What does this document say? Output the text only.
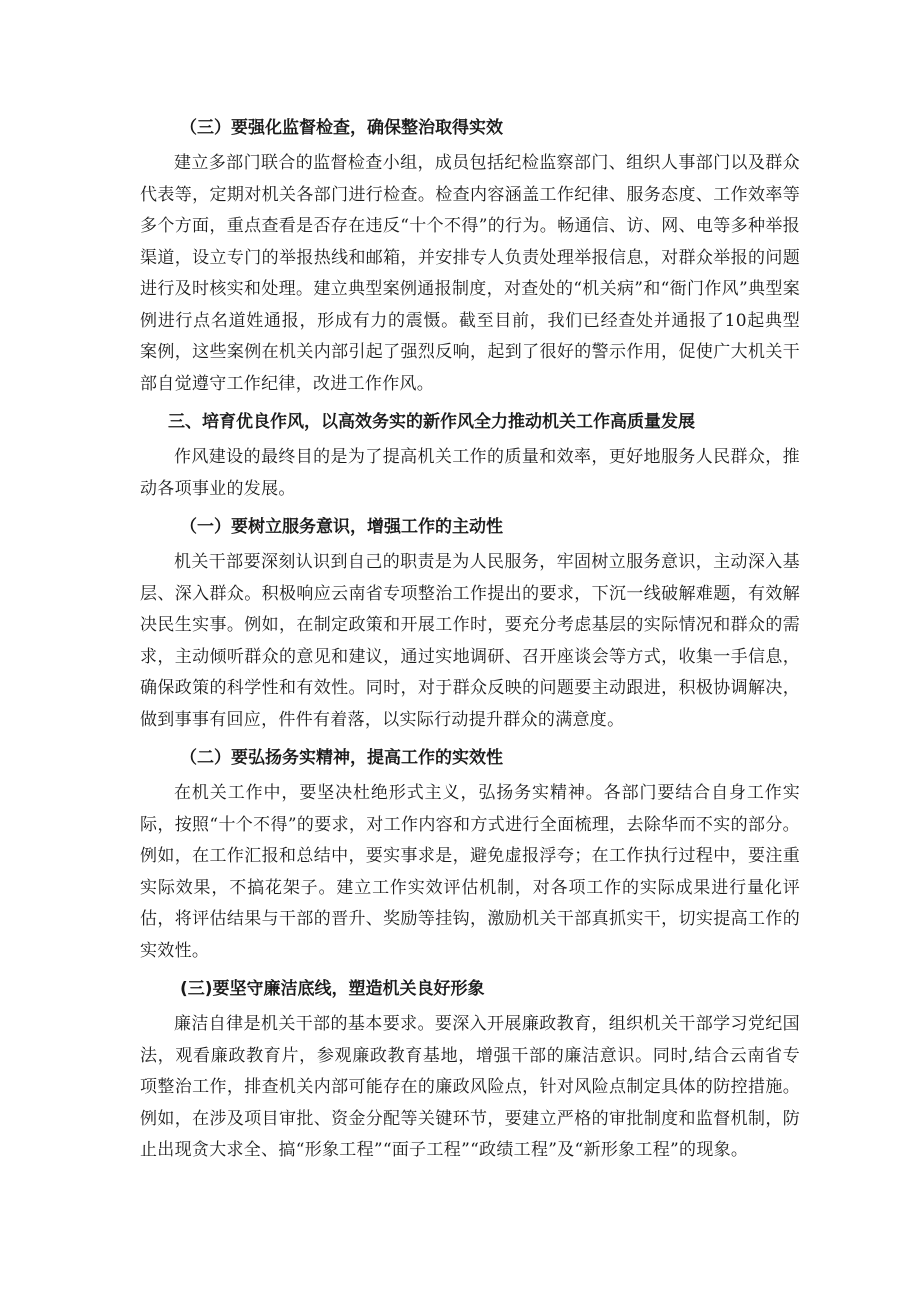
（三）要强化监督检查，确保整治取得实效

建立多部门联合的监督检查小组，成员包括纪检监察部门、组织人事部门以及群众代表等，定期对机关各部门进行检查。检查内容涵盖工作纪律、服务态度、工作效率等多个方面，重点查看是否存在违反“十个不得”的行为。畅通信、访、网、电等多种举报渠道，设立专门的举报热线和邮箱，并安排专人负责处理举报信息，对群众举报的问题进行及时核实和处理。建立典型案例通报制度，对查处的“机关病”和“衙门作风”典型案例进行点名道姓通报，形成有力的震慑。截至目前，我们已经查处并通报了10起典型案例，这些案例在机关内部引起了强烈反响，起到了很好的警示作用，促使广大机关干部自觉遵守工作纪律，改进工作作风。

三、培育优良作风，以高效务实的新作风全力推动机关工作高质量发展

作风建设的最终目的是为了提高机关工作的质量和效率，更好地服务人民群众，推动各项事业的发展。

（一）要树立服务意识，增强工作的主动性

机关干部要深刻认识到自己的职责是为人民服务，牢固树立服务意识，主动深入基层、深入群众。积极响应云南省专项整治工作提出的要求，下沉一线破解难题，有效解决民生实事。例如，在制定政策和开展工作时，要充分考虑基层的实际情况和群众的需求，主动倾听群众的意见和建议，通过实地调研、召开座谈会等方式，收集一手信息，确保政策的科学性和有效性。同时，对于群众反映的问题要主动跟进，积极协调解决，做到事事有回应，件件有着落，以实际行动提升群众的满意度。

（二）要弘扬务实精神，提高工作的实效性

在机关工作中，要坚决杜绝形式主义，弘扬务实精神。各部门要结合自身工作实际，按照“十个不得”的要求，对工作内容和方式进行全面梳理，去除华而不实的部分。例如，在工作汇报和总结中，要实事求是，避免虚报浮夸；在工作执行过程中，要注重实际效果，不搞花架子。建立工作实效评估机制，对各项工作的实际成果进行量化评估，将评估结果与干部的晋升、奖励等挂钩，激励机关干部真抓实干，切实提高工作的实效性。

(三)要坚守廉洁底线，塑造机关良好形象

廉洁自律是机关干部的基本要求。要深入开展廉政教育，组织机关干部学习党纪国法，观看廉政教育片，参观廉政教育基地，增强干部的廉洁意识。同时,结合云南省专项整治工作，排查机关内部可能存在的廉政风险点，针对风险点制定具体的防控措施。例如，在涉及项目审批、资金分配等关键环节，要建立严格的审批制度和监督机制，防止出现贪大求全、搞“形象工程”“面子工程”“政绩工程”及“新形象工程”的现象。
